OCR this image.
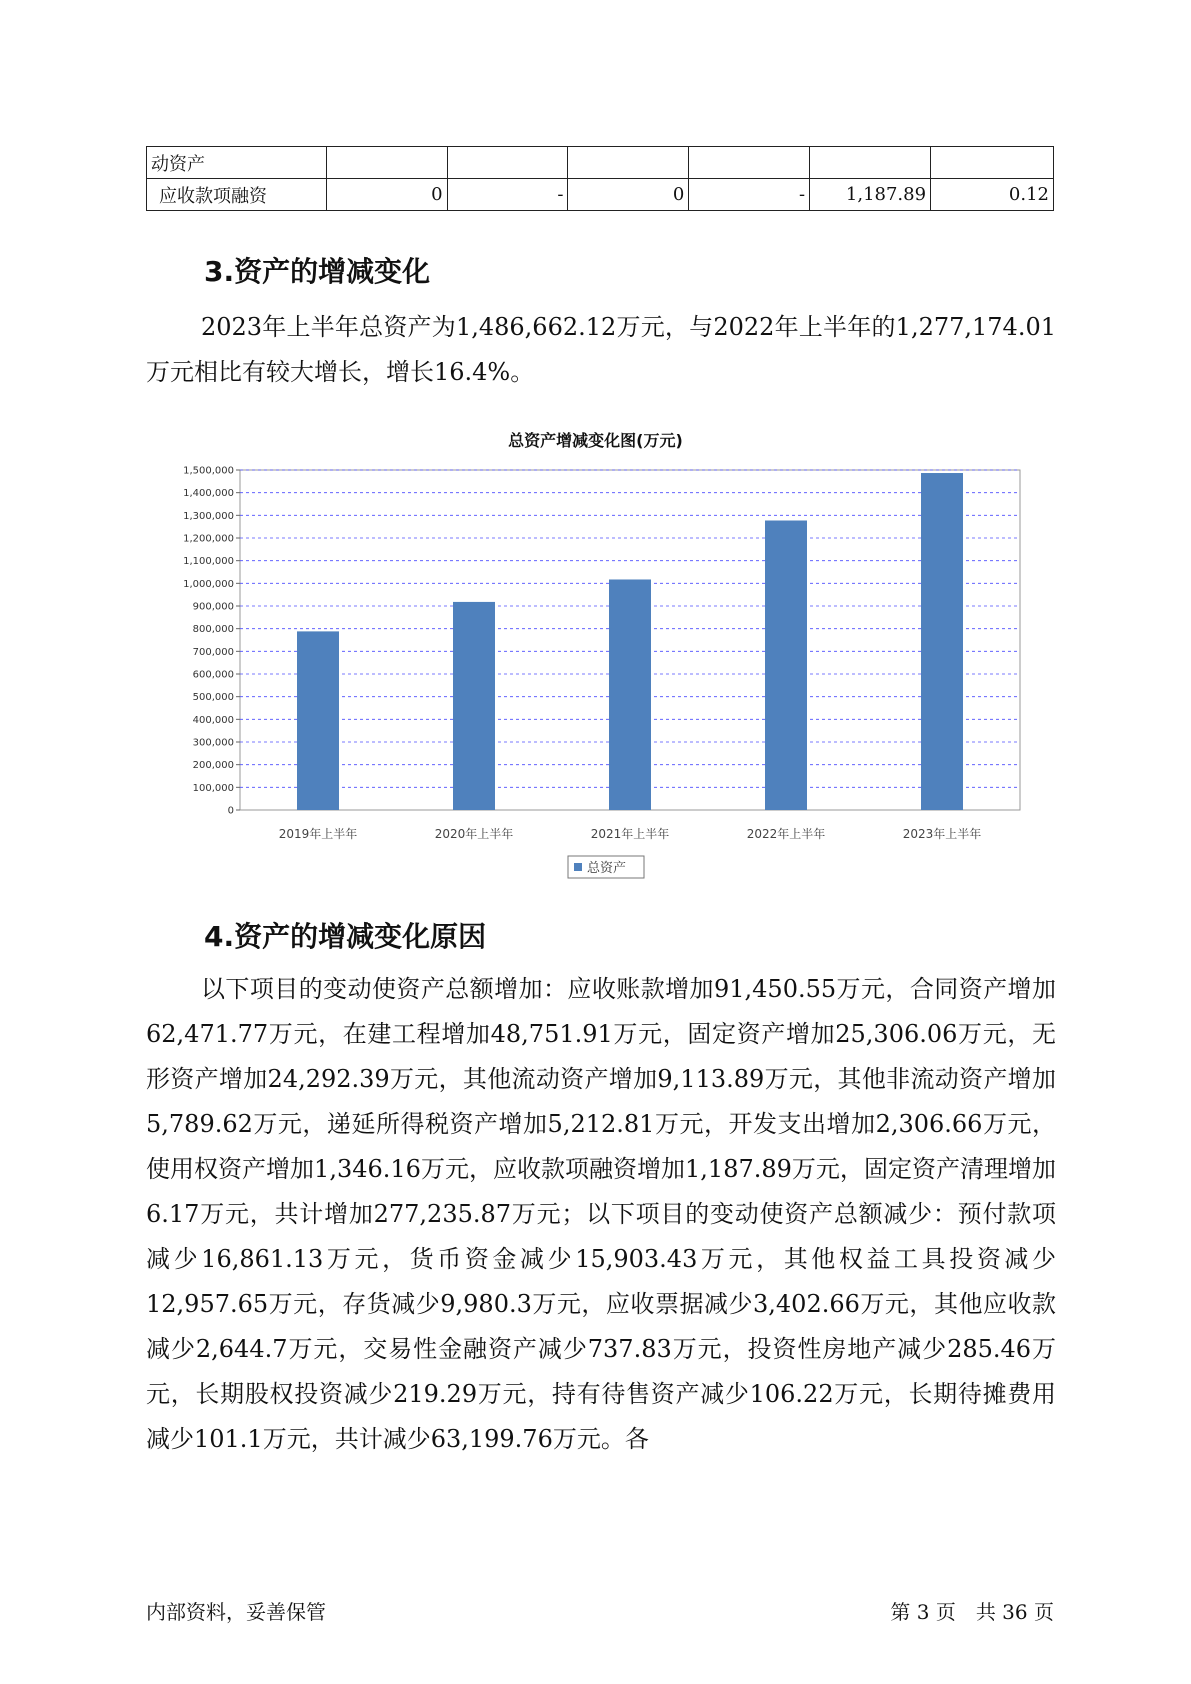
动资产						
应收款项融资	0	-	0	-	1,187.89	0.12
3.资产的增减变化

2023年上半年总资产为1,486,662.12万元，与2022年上半年的1,277,174.01万元相比有较大增长，增长16.4%。

总资产增减变化图(万元)
0
100,000
200,000
300,000
400,000
500,000
600,000
700,000
800,000
900,000
1,000,000
1,100,000
1,200,000
1,300,000
1,400,000
1,500,000
2019年上半年	2020年上半年	2021年上半年	2022年上半年	2023年上半年
总资产
4.资产的增减变化原因

以下项目的变动使资产总额增加：应收账款增加91,450.55万元，合同资产增加62,471.77万元，在建工程增加48,751.91万元，固定资产增加25,306.06万元，无形资产增加24,292.39万元，其他流动资产增加9,113.89万元，其他非流动资产增加5,789.62万元，递延所得税资产增加5,212.81万元，开发支出增加2,306.66万元，使用权资产增加1,346.16万元，应收款项融资增加1,187.89万元，固定资产清理增加6.17万元，共计增加277,235.87万元；以下项目的变动使资产总额减少：预付款项减少16,861.13万元，货币资金减少15,903.43万元，其他权益工具投资减少12,957.65万元，存货减少9,980.3万元，应收票据减少3,402.66万元，其他应收款减少2,644.7万元，交易性金融资产减少737.83万元，投资性房地产减少285.46万元，长期股权投资减少219.29万元，持有待售资产减少106.22万元，长期待摊费用减少101.1万元，共计减少63,199.76万元。各

内部资料，妥善保管	第 3 页　共 36 页
